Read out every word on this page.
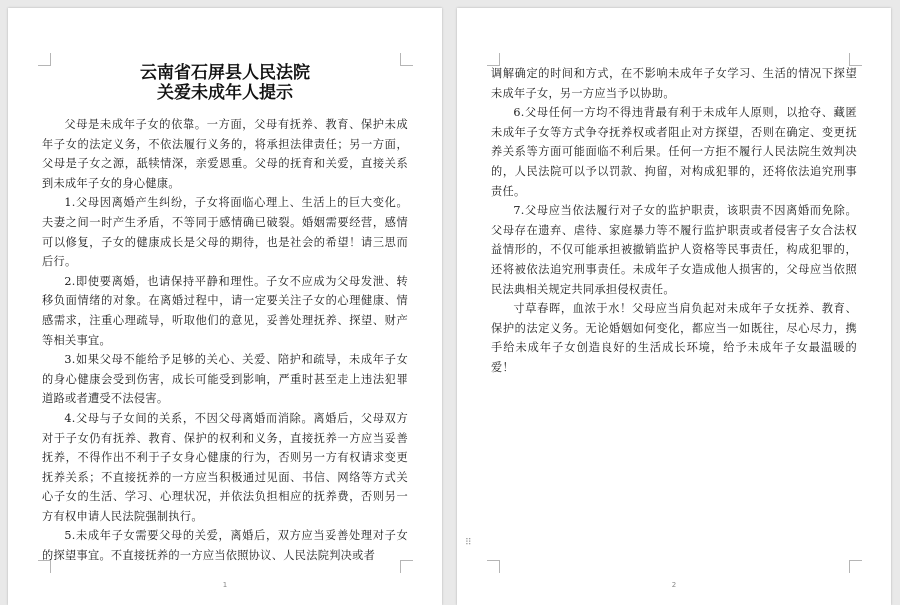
云南省石屏县人民法院
关爱未成年人提示

父母是未成年子女的依靠。一方面，父母有抚养、教育、保护未成年子女的法定义务，不依法履行义务的，将承担法律责任；另一方面，父母是子女之源，舐犊情深，亲爱恩重。父母的抚育和关爱，直接关系到未成年子女的身心健康。

1.父母因离婚产生纠纷，子女将面临心理上、生活上的巨大变化。夫妻之间一时产生矛盾，不等同于感情确已破裂。婚姻需要经营，感情可以修复，子女的健康成长是父母的期待，也是社会的希望！请三思而后行。

2.即使要离婚，也请保持平静和理性。子女不应成为父母发泄、转移负面情绪的对象。在离婚过程中，请一定要关注子女的心理健康、情感需求，注重心理疏导，听取他们的意见，妥善处理抚养、探望、财产等相关事宜。

3.如果父母不能给予足够的关心、关爱、陪护和疏导，未成年子女的身心健康会受到伤害，成长可能受到影响，严重时甚至走上违法犯罪道路或者遭受不法侵害。

4.父母与子女间的关系，不因父母离婚而消除。离婚后，父母双方对于子女仍有抚养、教育、保护的权利和义务，直接抚养一方应当妥善抚养，不得作出不利于子女身心健康的行为，否则另一方有权请求变更抚养关系；不直接抚养的一方应当积极通过见面、书信、网络等方式关心子女的生活、学习、心理状况，并依法负担相应的抚养费，否则另一方有权申请人民法院强制执行。

5.未成年子女需要父母的关爱，离婚后，双方应当妥善处理对子女的探望事宜。不直接抚养的一方应当依照协议、人民法院判决或者

1

调解确定的时间和方式，在不影响未成年子女学习、生活的情况下探望未成年子女，另一方应当予以协助。

6.父母任何一方均不得违背最有利于未成年人原则，以抢夺、藏匿未成年子女等方式争夺抚养权或者阻止对方探望，否则在确定、变更抚养关系等方面可能面临不利后果。任何一方拒不履行人民法院生效判决的，人民法院可以予以罚款、拘留，对构成犯罪的，还将依法追究刑事责任。

7.父母应当依法履行对子女的监护职责，该职责不因离婚而免除。父母存在遗弃、虐待、家庭暴力等不履行监护职责或者侵害子女合法权益情形的，不仅可能承担被撤销监护人资格等民事责任，构成犯罪的，还将被依法追究刑事责任。未成年子女造成他人损害的，父母应当依照民法典相关规定共同承担侵权责任。

寸草春晖，血浓于水！父母应当肩负起对未成年子女抚养、教育、保护的法定义务。无论婚姻如何变化，都应当一如既往，尽心尽力，携手给未成年子女创造良好的生活成长环境，给予未成年子女最温暖的爱！

2
⠿
